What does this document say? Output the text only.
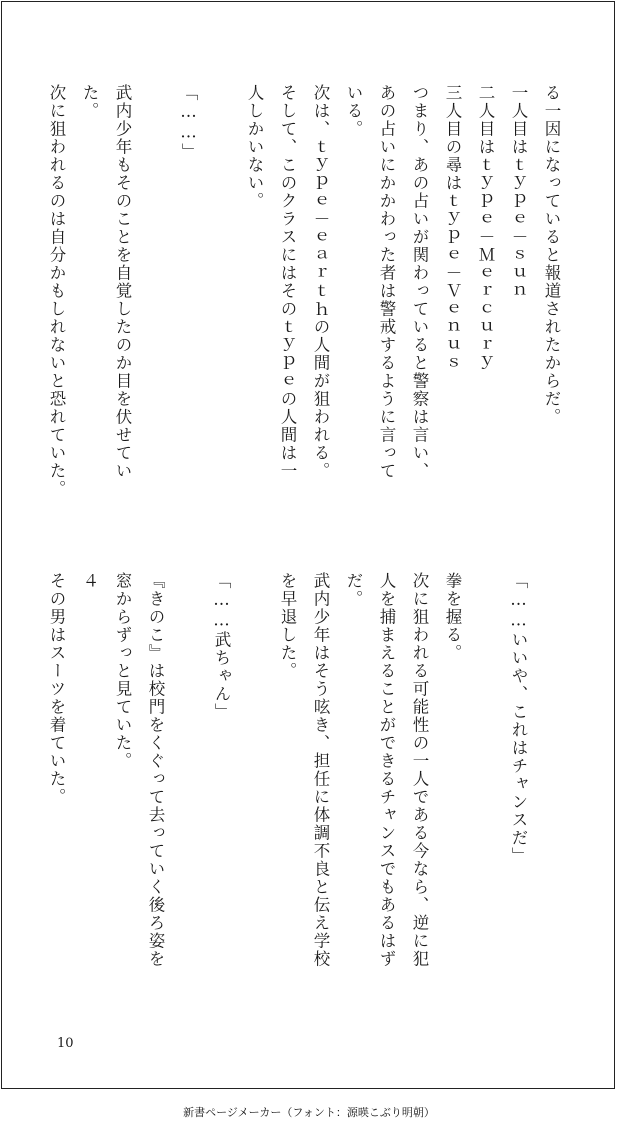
る一因になっていると報道されたからだ。
一人目はｔｙｐｅ－ｓｕｎ
二人目はｔｙｐｅ－Ｍｅｒｃｕｒｙ
三人目の尋はｔｙｐｅ－Ｖｅｎｕｓ
つまり、あの占いが関わっていると警察は言い、
あの占いにかかわった者は警戒するように言って
いる。
次は、ｔｙｐｅ－ｅａｒｔｈの人間が狙われる。
そして、このクラスにはそのｔｙｐｅの人間は一
人しかいない。
「……」
武内少年もそのことを自覚したのか目を伏せてい
た。
次に狙われるのは自分かもしれないと恐れていた。
「……いいや、これはチャンスだ」
拳を握る。
次に狙われる可能性の一人である今なら、逆に犯
人を捕まえることができるチャンスでもあるはず
だ。
武内少年はそう呟き、担任に体調不良と伝え学校
を早退した。
「……武ちゃん」
『きのこ』は校門をくぐって去っていく後ろ姿を
窓からずっと見ていた。
４
その男はスーツを着ていた。
10
新書ページメーカー（フォント：源暎こぶり明朝）
